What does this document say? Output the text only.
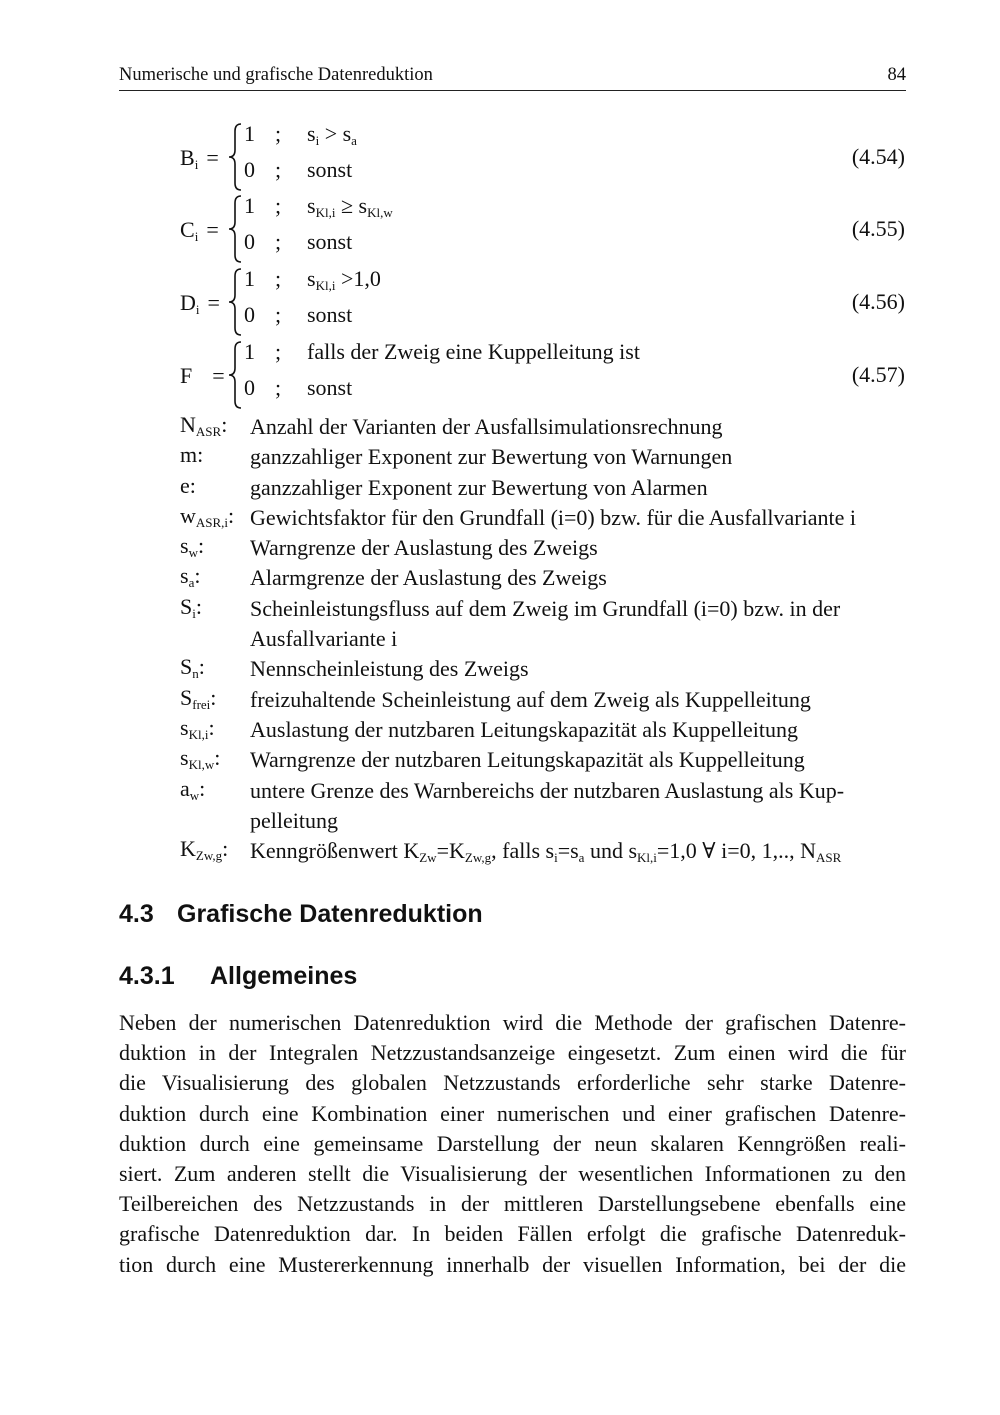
Numerische und grafische Datenreduktion	84
$B_i$ =
1 ; $s_i > s_a$
0 ; sonst
(4.54)
$C_i$ =
1 ; $s_{Kl,i} \ge s_{Kl,w}$
0 ; sonst
(4.55)
$D_i$ =
1 ; $s_{Kl,i} >1,0$
0 ; sonst
(4.56)
F =
1 ; falls der Zweig eine Kuppelleitung ist
0 ; sonst
(4.57)
$N_{ASR}$:	Anzahl der Varianten der Ausfallsimulationsrechnung
m:	ganzzahliger Exponent zur Bewertung von Warnungen
e:	ganzzahliger Exponent zur Bewertung von Alarmen
$w_{ASR,i}$: Gewichtsfaktor für den Grundfall (i=0) bzw. für die Ausfallvariante i
$s_w$:	Warngrenze der Auslastung des Zweigs
$s_a$:	Alarmgrenze der Auslastung des Zweigs
$S_i$:	Scheinleistungsfluss auf dem Zweig im Grundfall (i=0) bzw. in der
Ausfallvariante i
$S_n$:	Nennscheinleistung des Zweigs
$S_{frei}$:	freizuhaltende Scheinleistung auf dem Zweig als Kuppelleitung
$s_{Kl,i}$:	Auslastung der nutzbaren Leitungskapazität als Kuppelleitung
$s_{Kl,w}$:	Warngrenze der nutzbaren Leitungskapazität als Kuppelleitung
$a_w$:	untere Grenze des Warnbereichs der nutzbaren Auslastung als Kup-
pelleitung
$K_{Zw,g}$: Kenngrößenwert $K_{Zw}=K_{Zw,g}$, falls $s_i=s_a$ und $s_{Kl,i}=1,0$ ∀ i=0, 1,.., $N_{ASR}$
4.3 Grafische Datenreduktion
4.3.1 Allgemeines
Neben der numerischen Datenreduktion wird die Methode der grafischen Datenre-
duktion in der Integralen Netzzustandsanzeige eingesetzt. Zum einen wird die für
die Visualisierung des globalen Netzzustands erforderliche sehr starke Datenre-
duktion durch eine Kombination einer numerischen und einer grafischen Datenre-
duktion durch eine gemeinsame Darstellung der neun skalaren Kenngrößen reali-
siert. Zum anderen stellt die Visualisierung der wesentlichen Informationen zu den
Teilbereichen des Netzzustands in der mittleren Darstellungsebene ebenfalls eine
grafische Datenreduktion dar. In beiden Fällen erfolgt die grafische Datenreduk-
tion durch eine Mustererkennung innerhalb der visuellen Information, bei der die
